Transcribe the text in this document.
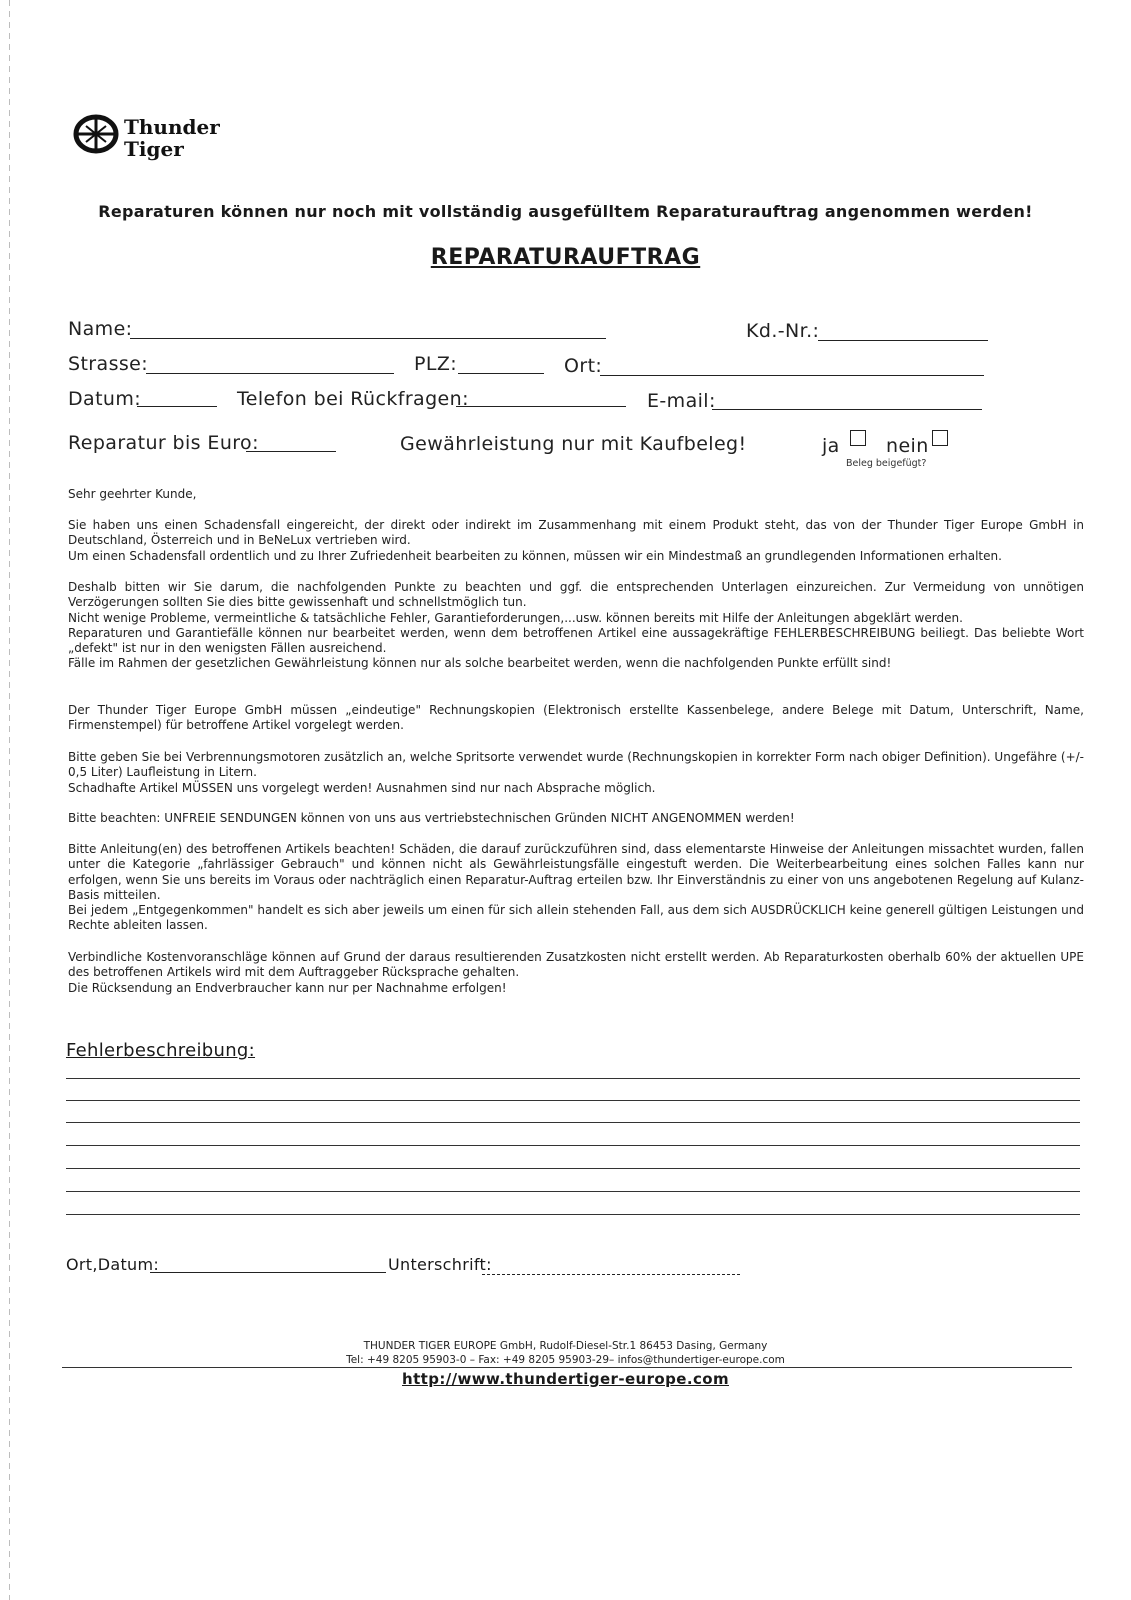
Thunder
Tiger
Reparaturen können nur noch mit vollständig ausgefülltem Reparaturauftrag angenommen werden!
REPARATURAUFTRAG
Name:	Kd.-Nr.:
Strasse:	PLZ:	Ort:
Datum:	Telefon bei Rückfragen:	E-mail:
Reparatur bis Euro:	Gewährleistung nur mit Kaufbeleg!	ja nein
Beleg beigefügt?

Sehr geehrter Kunde,

Sie haben uns einen Schadensfall eingereicht, der direkt oder indirekt im Zusammenhang mit einem Produkt steht, das von der Thunder Tiger Europe GmbH in Deutschland, Österreich und in BeNeLux vertrieben wird.

Um einen Schadensfall ordentlich und zu Ihrer Zufriedenheit bearbeiten zu können, müssen wir ein Mindestmaß an grundlegenden Informationen erhalten.

Deshalb bitten wir Sie darum, die nachfolgenden Punkte zu beachten und ggf. die entsprechenden Unterlagen einzureichen. Zur Vermeidung von unnötigen Verzögerungen sollten Sie dies bitte gewissenhaft und schnellstmöglich tun.

Nicht wenige Probleme, vermeintliche & tatsächliche Fehler, Garantieforderungen,...usw. können bereits mit Hilfe der Anleitungen abgeklärt werden.

Reparaturen und Garantiefälle können nur bearbeitet werden, wenn dem betroffenen Artikel eine aussagekräftige FEHLERBESCHREIBUNG beiliegt. Das beliebte Wort „defekt" ist nur in den wenigsten Fällen ausreichend.

Fälle im Rahmen der gesetzlichen Gewährleistung können nur als solche bearbeitet werden, wenn die nachfolgenden Punkte erfüllt sind!

Der Thunder Tiger Europe GmbH müssen „eindeutige" Rechnungskopien (Elektronisch erstellte Kassenbelege, andere Belege mit Datum, Unterschrift, Name, Firmenstempel) für betroffene Artikel vorgelegt werden.

Bitte geben Sie bei Verbrennungsmotoren zusätzlich an, welche Spritsorte verwendet wurde (Rechnungskopien in korrekter Form nach obiger Definition). Ungefähre (+/- 0,5 Liter) Laufleistung in Litern.

Schadhafte Artikel MÜSSEN uns vorgelegt werden! Ausnahmen sind nur nach Absprache möglich.

Bitte beachten: UNFREIE SENDUNGEN können von uns aus vertriebstechnischen Gründen NICHT ANGENOMMEN werden!

Bitte Anleitung(en) des betroffenen Artikels beachten! Schäden, die darauf zurückzuführen sind, dass elementarste Hinweise der Anleitungen missachtet wurden, fallen unter die Kategorie „fahrlässiger Gebrauch" und können nicht als Gewährleistungsfälle eingestuft werden. Die Weiterbearbeitung eines solchen Falles kann nur erfolgen, wenn Sie uns bereits im Voraus oder nachträglich einen Reparatur-Auftrag erteilen bzw. Ihr Einverständnis zu einer von uns angebotenen Regelung auf Kulanz-Basis mitteilen.

Bei jedem „Entgegenkommen" handelt es sich aber jeweils um einen für sich allein stehenden Fall, aus dem sich AUSDRÜCKLICH keine generell gültigen Leistungen und Rechte ableiten lassen.

Verbindliche Kostenvoranschläge können auf Grund der daraus resultierenden Zusatzkosten nicht erstellt werden. Ab Reparaturkosten oberhalb 60% der aktuellen UPE des betroffenen Artikels wird mit dem Auftraggeber Rücksprache gehalten.

Die Rücksendung an Endverbraucher kann nur per Nachnahme erfolgen!

Fehlerbeschreibung:
Ort,Datum:	Unterschrift:
THUNDER TIGER EUROPE GmbH, Rudolf-Diesel-Str.1 86453 Dasing, Germany
Tel: +49 8205 95903-0 – Fax: +49 8205 95903-29– infos@thundertiger-europe.com
http://www.thundertiger-europe.com
